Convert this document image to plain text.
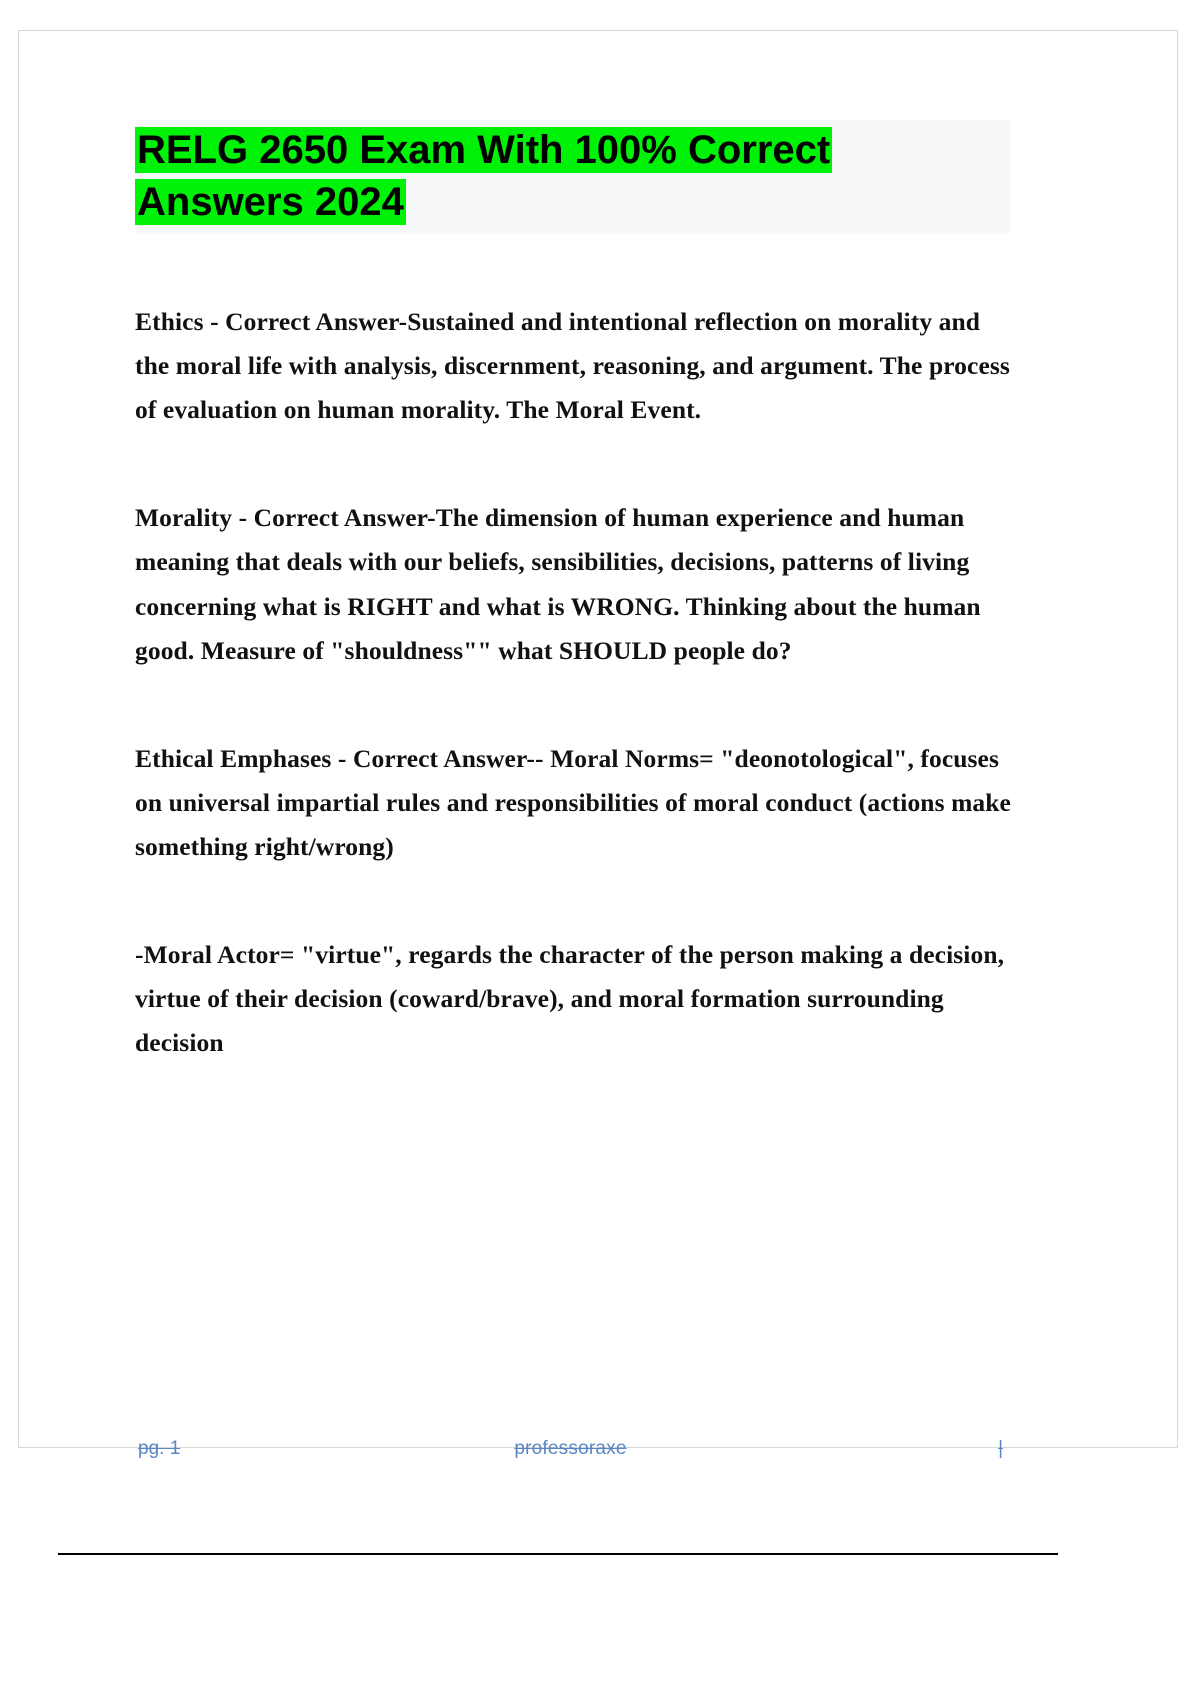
RELG 2650 Exam With 100% Correct
Answers 2024

Ethics - Correct Answer-Sustained and intentional reflection on morality and the moral life with analysis, discernment, reasoning, and argument. The process of evaluation on human morality. The Moral Event.

Morality - Correct Answer-The dimension of human experience and human meaning that deals with our beliefs, sensibilities, decisions, patterns of living concerning what is RIGHT and what is WRONG. Thinking about the human good. Measure of "shouldness"" what SHOULD people do?

Ethical Emphases - Correct Answer-- Moral Norms= "deonotological", focuses on universal impartial rules and responsibilities of moral conduct (actions make something right/wrong)

-Moral Actor= "virtue", regards the character of the person making a decision, virtue of their decision (coward/brave), and moral formation surrounding decision

pg. 1	professoraxe	|
